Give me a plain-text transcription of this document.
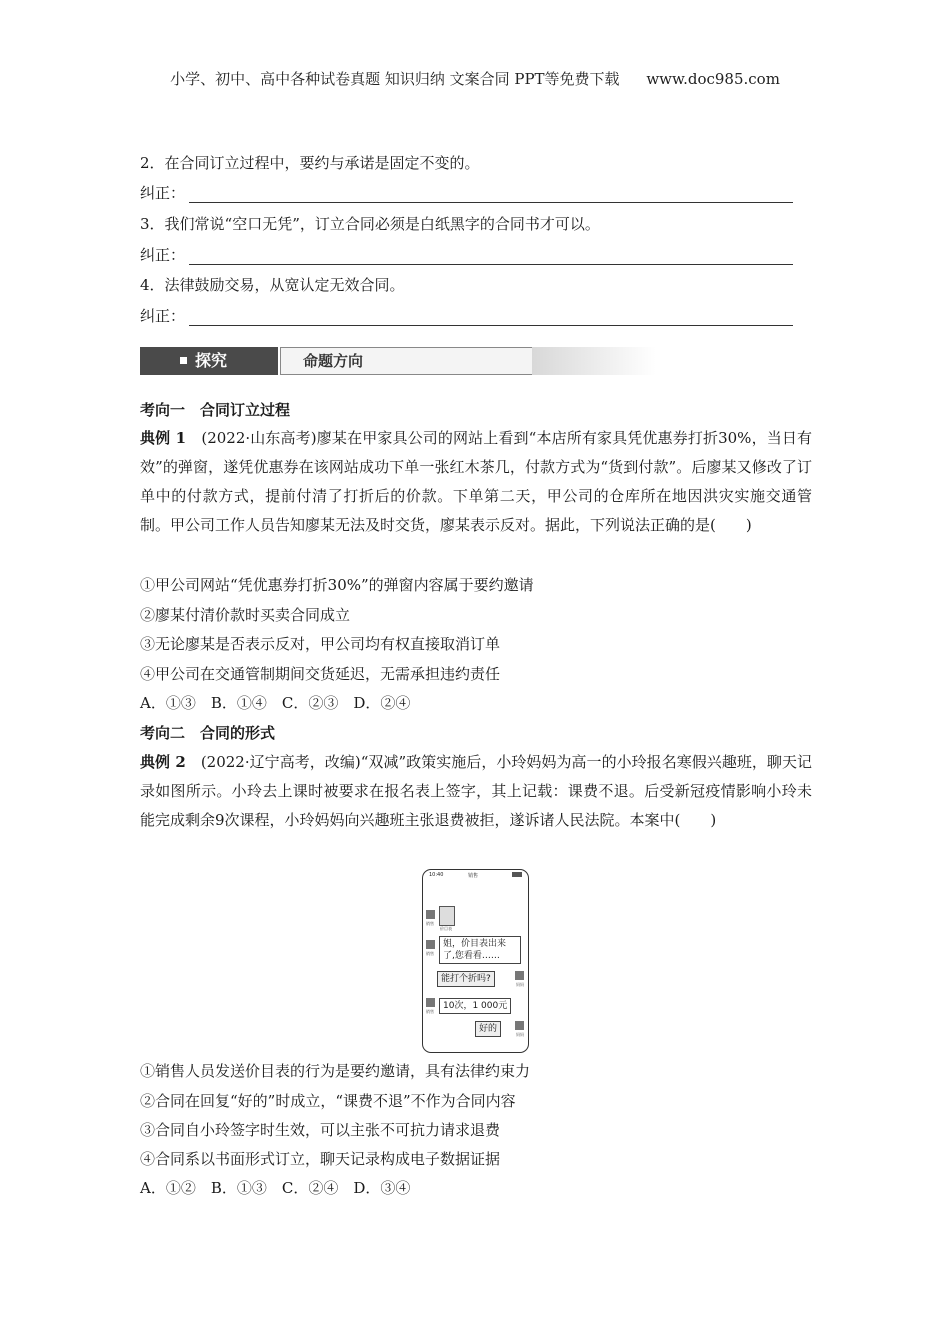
小学、初中、高中各种试卷真题 知识归纳 文案合同 PPT等免费下载 www.doc985.com
2．在合同订立过程中，要约与承诺是固定不变的。
纠正：
3．我们常说“空口无凭”，订立合同必须是白纸黑字的合同书才可以。
纠正：
4．法律鼓励交易，从宽认定无效合同。
纠正：
探究	命题方向
考向一　合同订立过程
典例 1　 (2022·山东高考)廖某在甲家具公司的网站上看到“本店所有家具凭优惠券打折30%，当日有效”的弹窗，遂凭优惠券在该网站成功下单一张红木茶几，付款方式为“货到付款”。后廖某又修改了订单中的付款方式，提前付清了打折后的价款。下单第二天，甲公司的仓库所在地因洪灾实施交通管制。甲公司工作人员告知廖某无法及时交货，廖某表示反对。据此，下列说法正确的是(　　)
①甲公司网站“凭优惠券打折30%”的弹窗内容属于要约邀请
②廖某付清价款时买卖合同成立
③无论廖某是否表示反对，甲公司均有权直接取消订单
④甲公司在交通管制期间交货延迟，无需承担违约责任
A．①③　B．①④　C．②③　D．②④
考向二　合同的形式
典例 2　 (2022·辽宁高考，改编)“双减”政策实施后，小玲妈妈为高一的小玲报名寒假兴趣班，聊天记录如图所示。小玲去上课时被要求在报名表上签字，其上记载：课费不退。后受新冠疫情影响小玲未能完成剩余9次课程，小玲妈妈向兴趣班主张退费被拒，遂诉诸人民法院。本案中(　　)
10:40	销售
销售
价目表
销售
姐，价目表出来了,您看看……
能打个折吗?
妈妈
销售
10次，1 000元
好的
妈妈
①销售人员发送价目表的行为是要约邀请，具有法律约束力
②合同在回复“好的”时成立，“课费不退”不作为合同内容
③合同自小玲签字时生效，可以主张不可抗力请求退费
④合同系以书面形式订立，聊天记录构成电子数据证据
A．①②　B．①③　C．②④　D．③④
